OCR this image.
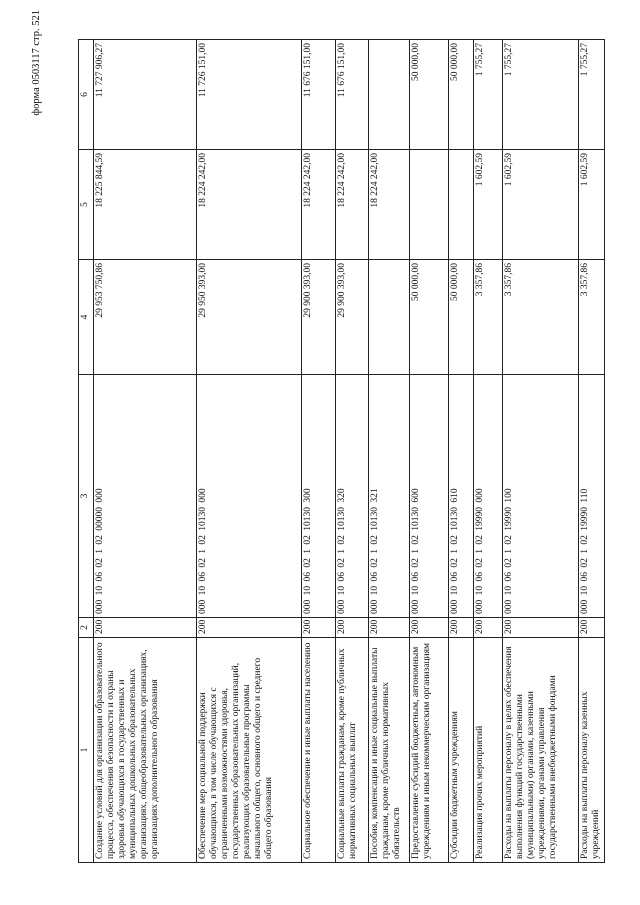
форма 0503117 стр. 521
1	2	3	4	5	6
Создание условий для организации образовательного процесса, обеспечения безопасности и охраны здоровья обучающихся в государственных и муниципальных дошкольных образовательных организациях, общеобразовательных организациях, организациях дополнительного образования	200	000 10 06 02 1 02 00000 000	29 953 750,86	18 225 844,59	11 727 906,27
Обеспечение мер социальной поддержки обучающихся, в том числе обучающихся с ограниченными возможностями здоровья, государственных образовательных организаций, реализующих образовательные программы начального общего, основного общего и среднего общего образования	200	000 10 06 02 1 02 10130 000	29 950 393,00	18 224 242,00	11 726 151,00
Социальное обеспечение и иные выплаты населению	200	000 10 06 02 1 02 10130 300	29 900 393,00	18 224 242,00	11 676 151,00
Социальные выплаты гражданам, кроме публичных нормативных социальных выплат	200	000 10 06 02 1 02 10130 320	29 900 393,00	18 224 242,00	11 676 151,00
Пособия, компенсации и иные социальные выплаты гражданам, кроме публичных нормативных обязательств	200	000 10 06 02 1 02 10130 321		18 224 242,00	
Предоставление субсидий бюджетным, автономным учреждениям и иным некоммерческим организациям	200	000 10 06 02 1 02 10130 600	50 000,00		50 000,00
Субсидии бюджетным учреждениям	200	000 10 06 02 1 02 10130 610	50 000,00		50 000,00
Реализация прочих мероприятий	200	000 10 06 02 1 02 19990 000	3 357,86	1 602,59	1 755,27
Расходы на выплаты персоналу в целях обеспечения выполнения функций государственными (муниципальными) органами, казенными учреждениями, органами управления государственными внебюджетными фондами	200	000 10 06 02 1 02 19990 100	3 357,86	1 602,59	1 755,27
Расходы на выплаты персоналу казенных учреждений	200	000 10 06 02 1 02 19990 110	3 357,86	1 602,59	1 755,27
